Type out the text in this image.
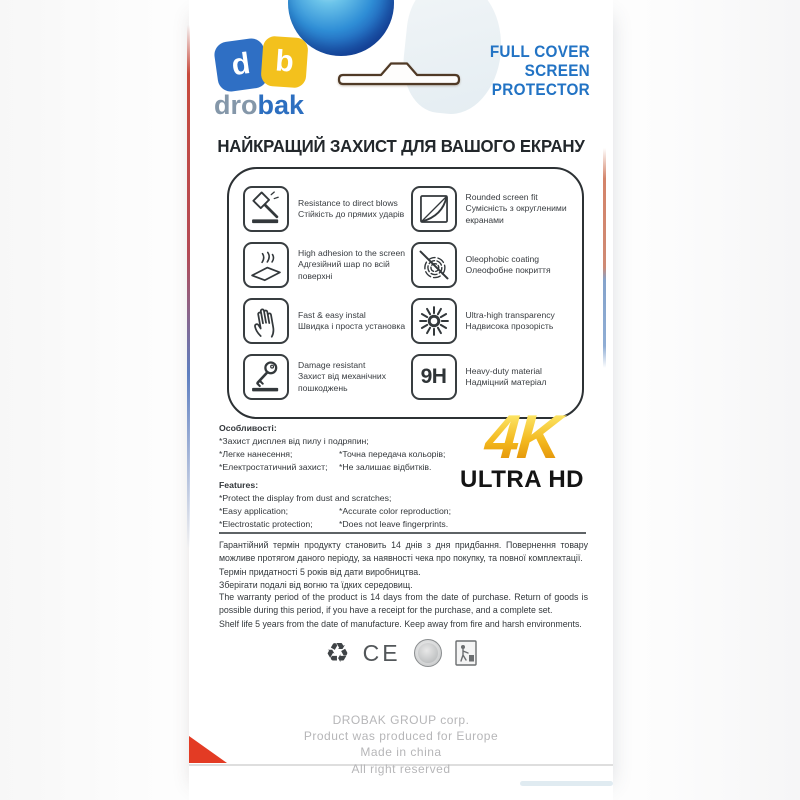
d b
drobak
FULL COVER
SCREEN
PROTECTOR
НАЙКРАЩИЙ ЗАХИСТ ДЛЯ ВАШОГО ЕКРАНУ
Resistance to direct blows
Стійкість до прямих ударів
High adhesion to the screen
Адгезійний шар по всій поверхні
Fast & easy instal
Швидка і проста установка
Damage resistant
Захист від механічних пошкоджень
Rounded screen fit
Сумісність з округленими екранами
Oleophobic coating
Олеофобне покриття
Ultra-high transparency
Надвисока прозорість
9H Heavy-duty material
Надміцний матеріал
Особливості:
*Захист дисплея від пилу і подряпин;
*Легке нанесення;	*Точна передача кольорів;
*Електростатичний захист;	*Не залишає відбитків.
Features:
*Protect the display from dust and scratches;
*Easy application;	*Accurate color reproduction;
*Electrostatic protection;	*Does not leave fingerprints.
4K
ULTRA HD
Гарантійний термін продукту становить 14 днів з дня придбання. Повернення товару можливе протягом даного періоду, за наявності чека про покупку, та повної комплектації.
Термін придатності 5 років від дати виробництва.
Зберігати подалі від вогню та їдких середовищ.
The warranty period of the product is 14 days from the date of purchase. Return of goods is possible during this period, if you have a receipt for the purchase, and a complete set.
Shelf life 5 years from the date of manufacture. Keep away from fire and harsh environments.
♻ CE
DROBAK GROUP corp.
Product was produced for Europe
Made in china
All right reserved
